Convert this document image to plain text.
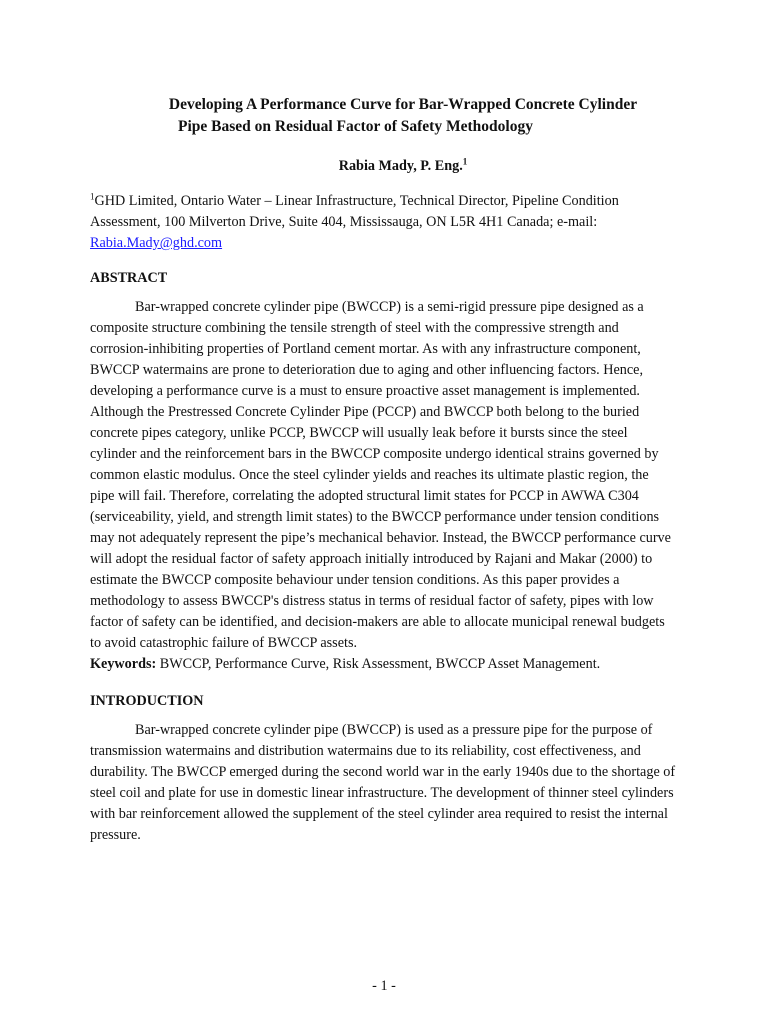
Developing A Performance Curve for Bar-Wrapped Concrete Cylinder
Pipe Based on Residual Factor of Safety Methodology
Rabia Mady, P. Eng.$^1$

$^1$GHD Limited, Ontario Water – Linear Infrastructure, Technical Director, Pipeline Condition Assessment, 100 Milverton Drive, Suite 404, Mississauga, ON L5R 4H1 Canada; e-mail: Rabia.Mady@ghd.com

ABSTRACT

Bar-wrapped concrete cylinder pipe (BWCCP) is a semi-rigid pressure pipe designed as a composite structure combining the tensile strength of steel with the compressive strength and corrosion-inhibiting properties of Portland cement mortar. As with any infrastructure component, BWCCP watermains are prone to deterioration due to aging and other influencing factors. Hence, developing a performance curve is a must to ensure proactive asset management is implemented. Although the Prestressed Concrete Cylinder Pipe (PCCP) and BWCCP both belong to the buried concrete pipes category, unlike PCCP, BWCCP will usually leak before it bursts since the steel cylinder and the reinforcement bars in the BWCCP composite undergo identical strains governed by common elastic modulus. Once the steel cylinder yields and reaches its ultimate plastic region, the pipe will fail. Therefore, correlating the adopted structural limit states for PCCP in AWWA C304 (serviceability, yield, and strength limit states) to the BWCCP performance under tension conditions may not adequately represent the pipe’s mechanical behavior. Instead, the BWCCP performance curve will adopt the residual factor of safety approach initially introduced by Rajani and Makar (2000) to estimate the BWCCP composite behaviour under tension conditions. As this paper provides a methodology to assess BWCCP's distress status in terms of residual factor of safety, pipes with low factor of safety can be identified, and decision-makers are able to allocate municipal renewal budgets to avoid catastrophic failure of BWCCP assets.

Keywords: BWCCP, Performance Curve, Risk Assessment, BWCCP Asset Management.

INTRODUCTION

Bar-wrapped concrete cylinder pipe (BWCCP) is used as a pressure pipe for the purpose of transmission watermains and distribution watermains due to its reliability, cost effectiveness, and durability. The BWCCP emerged during the second world war in the early 1940s due to the shortage of steel coil and plate for use in domestic linear infrastructure. The development of thinner steel cylinders with bar reinforcement allowed the supplement of the steel cylinder area required to resist the internal pressure.

- 1 -
